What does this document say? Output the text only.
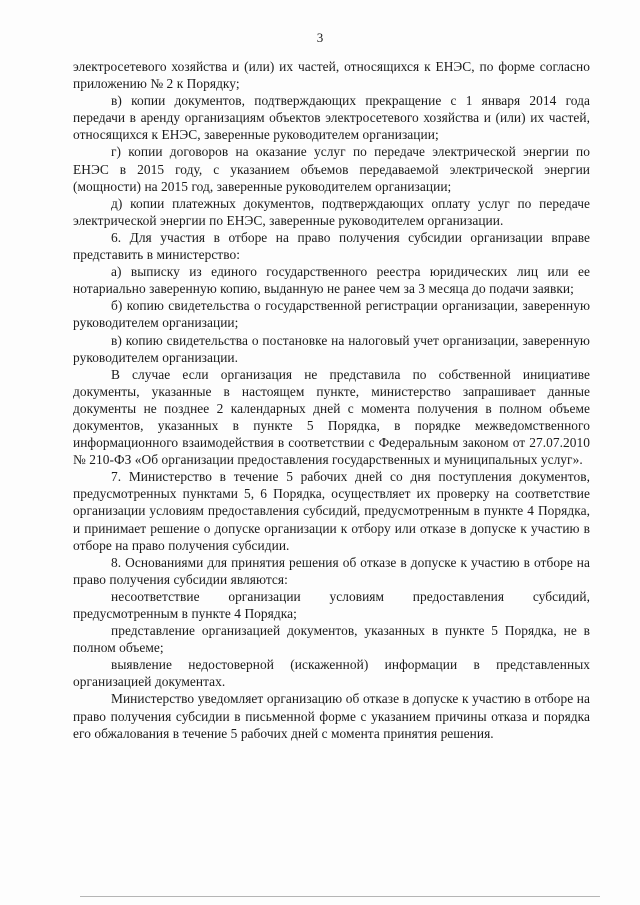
3

электросетевого хозяйства и (или) их частей, относящихся к ЕНЭС, по форме согласно приложению № 2 к Порядку;

в) копии документов, подтверждающих прекращение с 1 января 2014 года передачи в аренду организациям объектов электросетевого хозяйства и (или) их частей, относящихся к ЕНЭС, заверенные руководителем организации;

г) копии договоров на оказание услуг по передаче электрической энергии по ЕНЭС в 2015 году, с указанием объемов передаваемой электрической энергии (мощности) на 2015 год, заверенные руководителем организации;

д) копии платежных документов, подтверждающих оплату услуг по передаче электрической энергии по ЕНЭС, заверенные руководителем организации.

6. Для участия в отборе на право получения субсидии организации вправе представить в министерство:

а) выписку из единого государственного реестра юридических лиц или ее нотариально заверенную копию, выданную не ранее чем за 3 месяца до подачи заявки;

б) копию свидетельства о государственной регистрации организации, заверенную руководителем организации;

в) копию свидетельства о постановке на налоговый учет организации, заверенную руководителем организации.

В случае если организация не представила по собственной инициативе документы, указанные в настоящем пункте, министерство запрашивает данные документы не позднее 2 календарных дней с момента получения в полном объеме документов, указанных в пункте 5 Порядка, в порядке межведомственного информационного взаимодействия в соответствии с Федеральным законом от 27.07.2010 № 210-ФЗ «Об организации предоставления государственных и муниципальных услуг».

7. Министерство в течение 5 рабочих дней со дня поступления документов, предусмотренных пунктами 5, 6 Порядка, осуществляет их проверку на соответствие организации условиям предоставления субсидий, предусмотренным в пункте 4 Порядка, и принимает решение о допуске организации к отбору или отказе в допуске к участию в отборе на право получения субсидии.

8. Основаниями для принятия решения об отказе в допуске к участию в отборе на право получения субсидии являются:

несоответствие организации условиям предоставления субсидий, предусмотренным в пункте 4 Порядка;

представление организацией документов, указанных в пункте 5 Порядка, не в полном объеме;

выявление недостоверной (искаженной) информации в представленных организацией документах.

Министерство уведомляет организацию об отказе в допуске к участию в отборе на право получения субсидии в письменной форме с указанием причины отказа и порядка его обжалования в течение 5 рабочих дней с момента принятия решения.
